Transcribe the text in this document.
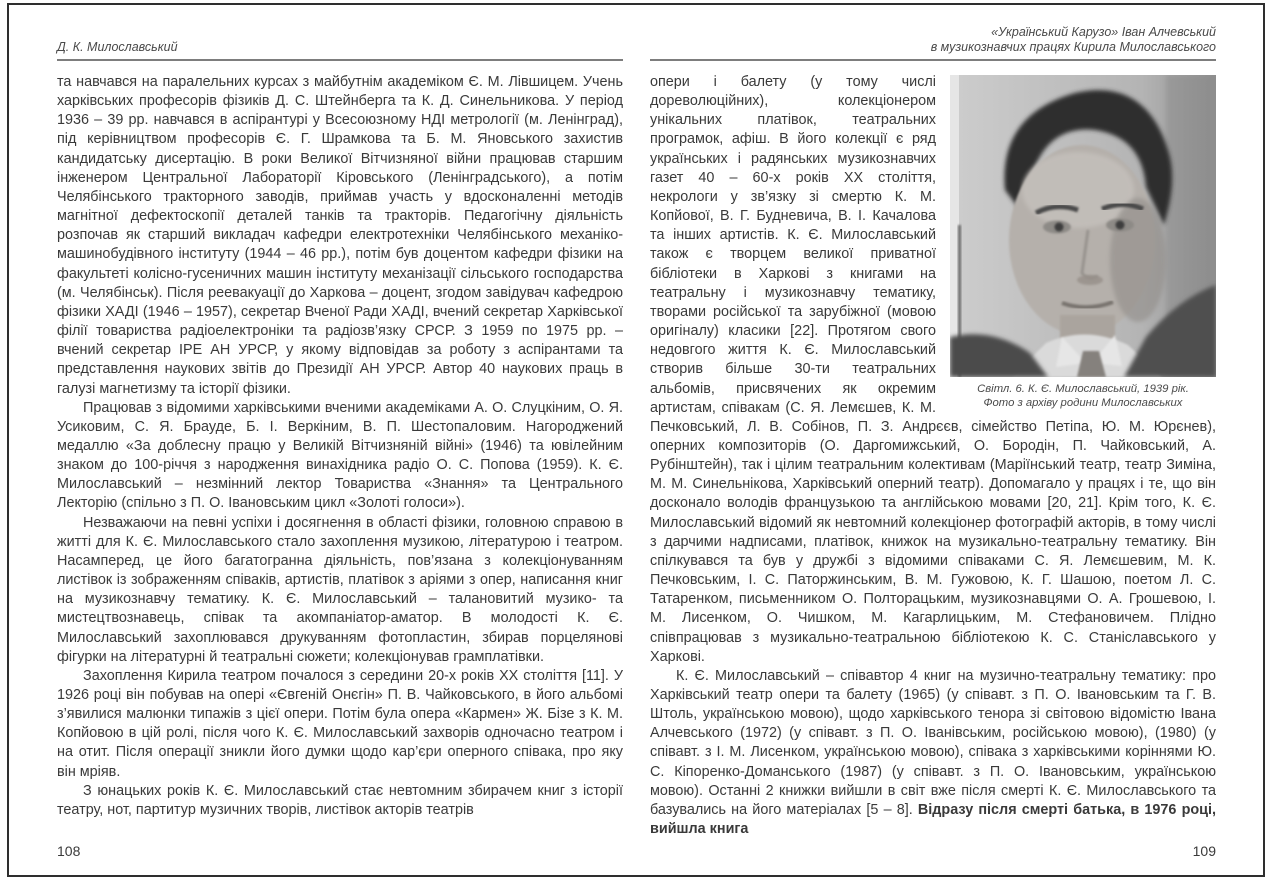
Д. К. Милославський

та навчався на паралельних курсах з майбутнім академіком Є. М. Лівшицем. Учень харківських професорів фізиків Д. С. Штейнберга та К. Д. Синельникова. У період 1936 – 39 рр. навчався в аспірантурі у Всесоюзному НДІ метрології (м. Ленінград), під керівництвом професорів Є. Г. Шрамкова та Б. М. Яновського захистив кандидатську дисертацію. В роки Великої Вітчизняної війни працював старшим інженером Центральної Лабораторії Кіровського (Ленінградського), а потім Челябінського тракторного заводів, приймав участь у вдосконаленні методів магнітної дефектоскопії деталей танків та тракторів. Педагогічну діяльність розпочав як старший викладач кафедри електротехніки Челябінського механіко-машинобудівного інституту (1944 – 46 рр.), потім був доцентом кафедри фізики на факультеті колісно-гусеничних машин інституту механізації сільського господарства (м. Челябінськ). Після реевакуації до Харкова – доцент, згодом завідувач кафедрою фізики ХАДІ (1946 – 1957), секретар Вченої Ради ХАДІ, вчений секретар Харківської філії товариства радіоелектроніки та радіозв’язку СРСР. З 1959 по 1975 рр. – вчений секретар ІРЕ АН УРСР, у якому відповідав за роботу з аспірантами та представлення наукових звітів до Президії АН УРСР. Автор 40 наукових праць в галузі магнетизму та історії фізики.

Працював з відомими харківськими вченими академіками А. О. Слуцкіним, О. Я. Усиковим, С. Я. Брауде, Б. І. Веркіним, В. П. Шестопаловим. Нагороджений медаллю «За доблесну працю у Великій Вітчизняній війні» (1946) та ювілейним знаком до 100-річчя з народження винахідника радіо О. С. Попова (1959). К. Є. Милославський – незмінний лектор Товариства «Знання» та Центрального Лекторію (спільно з П. О. Івановським цикл «Золоті голоси»).

Незважаючи на певні успіхи і досягнення в області фізики, головною справою в житті для К. Є. Милославського стало захоплення музикою, літературою і театром. Насамперед, це його багатогранна діяльність, пов’язана з колекціонуванням листівок із зображенням співаків, артистів, платівок з аріями з опер, написання книг на музикознавчу тематику. К. Є. Милославський – талановитий музико- та мистецтвознавець, співак та акомпаніатор-аматор. В молодості К. Є. Милославський захоплювався друкуванням фотопластин, збирав порцелянові фігурки на літературні й театральні сюжети; колекціонував грамплатівки.

Захоплення Кирила театром почалося з середини 20-х років ХХ століття [11]. У 1926 році він побував на опері «Євгеній Онєгін» П. В. Чайковського, в його альбомі з’явилися малюнки типажів з цієї опери. Потім була опера «Кармен» Ж. Бізе з К. М. Копйовою в цій ролі, після чого К. Є. Милославський захворів одночасно театром і на отит. Після операції зникли його думки щодо кар’єри оперного співака, про яку він мріяв.

З юнацьких років К. Є. Милославський стає невтомним збирачем книг з історії театру, нот, партитур музичних творів, листівок акторів театрів

108
«Український Карузо» Іван Алчевський
в музикознавчих працях Кирила Милославського
Світл. 6. К. Є. Милославський, 1939 рік.
Фото з архіву родини Милославських

опери і балету (у тому числі дореволюційних), колекціонером унікальних платівок, театральних програмок, афіш. В його колекції є ряд українських і радянських музикознавчих газет 40 – 60-х років ХХ століття, некрологи у зв’язку зі смертю К. М. Копйової, В. Г. Будневича, В. І. Качалова та інших артистів. К. Є. Милославський також є творцем великої приватної бібліотеки в Харкові з книгами на театральну і музикознавчу тематику, творами російської та зарубіжної (мовою оригіналу) класики [22]. Протягом свого недовгого життя К. Є. Милославський створив більше 30-ти театральних альбомів, присвячених як окремим артистам, співакам (С. Я. Лемєшев, К. М. Печковський, Л. В. Собінов, П. З. Андрєєв, сімейство Петіпа, Ю. М. Юрєнев), оперних композиторів (О. Даргомижський, О. Бородін, П. Чайковський, А. Рубінштейн), так і цілим театральним колективам (Маріїнський театр, театр Зиміна, М. М. Синельнікова, Харківський оперний театр). Допомагало у працях і те, що він досконало володів французькою та англійською мовами [20, 21]. Крім того, К. Є. Милославський відомий як невтомний колекціонер фотографій акторів, в тому числі з дарчими надписами, платівок, книжок на музикально-театральну тематику. Він спілкувався та був у дружбі з відомими співаками С. Я. Лемєшевим, М. К. Печковським, І. С. Паторжинським, В. М. Гужовою, К. Г. Шашою, поетом Л. С. Татаренком, письменником О. Полторацьким, музикознавцями О. А. Грошевою, І. М. Лисенком, О. Чишком, М. Кагарлицьким, М. Стефановичем. Плідно співпрацював з музикально-театральною бібліотекою К. С. Станіславського у Харкові.

К. Є. Милославський – співавтор 4 книг на музично-театральну тематику: про Харківський театр опери та балету (1965) (у співавт. з П. О. Івановським та Г. В. Штоль, українською мовою), щодо харківського тенора зі світовою відомістю Івана Алчевського (1972) (у співавт. з П. О. Іванівським, російською мовою), (1980) (у співавт. з І. М. Лисенком, українською мовою), співака з харківськими коріннями Ю. С. Кіпоренко-Доманського (1987) (у співавт. з П. О. Івановським, українською мовою). Останні 2 книжки вийшли в світ вже після смерті К. Є. Милославського та базувались на його матеріалах [5 – 8]. Відразу після смерті батька, в 1976 році, вийшла книга

109
